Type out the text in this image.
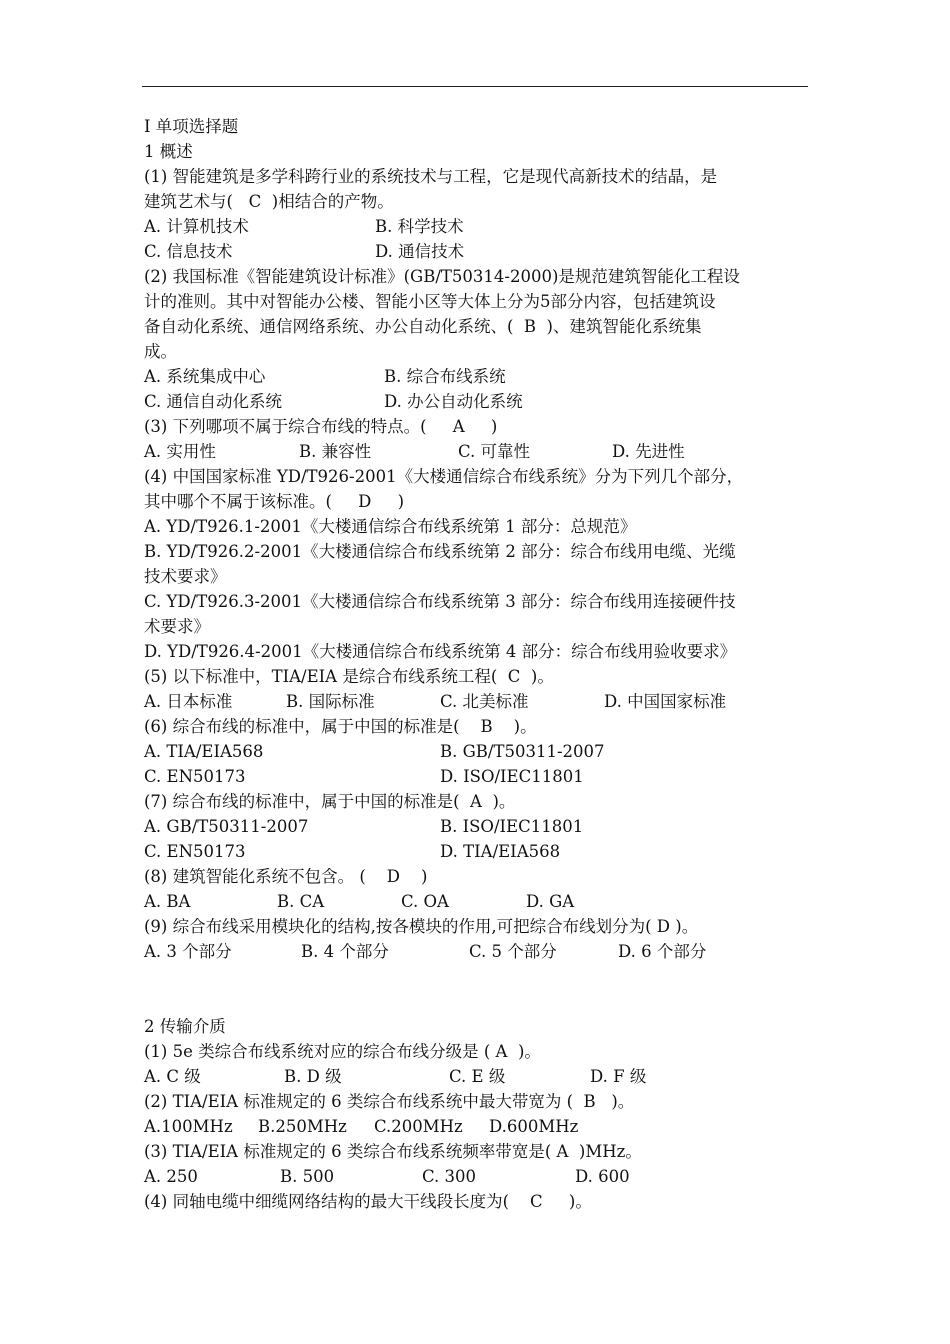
Ⅰ 单项选择题
1 概述
(1) 智能建筑是多学科跨行业的系统技术与工程，它是现代高新技术的结晶，是
建筑艺术与(   C  )相结合的产物。

A. 计算机技术

	B. 科学技术

C. 信息技术

	D. 通信技术

(2) 我国标准《智能建筑设计标准》(GB/T50314-2000)是规范建筑智能化工程设
计的准则。其中对智能办公楼、智能小区等大体上分为5部分内容，包括建筑设
备自动化系统、通信网络系统、办公自动化系统、(  B  )、建筑智能化系统集
成。

A. 系统集成中心

	B. 综合布线系统

C. 通信自动化系统

	D. 办公自动化系统

(3) 下列哪项不属于综合布线的特点。(     A     )

A. 实用性

	B. 兼容性

	C. 可靠性

	D. 先进性

(4) 中国国家标准 YD/T926-2001《大楼通信综合布线系统》分为下列几个部分，
其中哪个不属于该标准。(     D     )
A. YD/T926.1-2001《大楼通信综合布线系统第 1 部分：总规范》
B. YD/T926.2-2001《大楼通信综合布线系统第 2 部分：综合布线用电缆、光缆
技术要求》
C. YD/T926.3-2001《大楼通信综合布线系统第 3 部分：综合布线用连接硬件技
术要求》
D. YD/T926.4-2001《大楼通信综合布线系统第 4 部分：综合布线用验收要求》
(5) 以下标准中，TIA/EIA 是综合布线系统工程(  C  )。

A. 日本标准

	B. 国际标准

	C. 北美标准

	D. 中国国家标准

(6) 综合布线的标准中，属于中国的标准是(    B    )。

A. TIA/EIA568

	B. GB/T50311-2007

C. EN50173

	D. ISO/IEC11801

(7) 综合布线的标准中，属于中国的标准是(  A  )。

A. GB/T50311-2007

	B. ISO/IEC11801

C. EN50173

	D. TIA/EIA568

(8) 建筑智能化系统不包含。 (    D    )

A. BA

	B. CA

	C. OA

	D. GA

(9) 综合布线采用模块化的结构,按各模块的作用,可把综合布线划分为( D )。

A. 3 个部分

	B. 4 个部分

	C. 5 个部分

	D. 6 个部分

2 传输介质
(1) 5e 类综合布线系统对应的综合布线分级是 ( A  )。

A. C 级

	B. D 级

	C. E 级

	D. F 级

(2) TIA/EIA 标准规定的 6 类综合布线系统中最大带宽为 (  B   )。

A.100MHz

B.250MHz

C.200MHz

D.600MHz

(3) TIA/EIA 标准规定的 6 类综合布线系统频率带宽是( A  )MHz。

A. 250

	B. 500

	C. 300

	D. 600

(4) 同轴电缆中细缆网络结构的最大干线段长度为(    C     )。
